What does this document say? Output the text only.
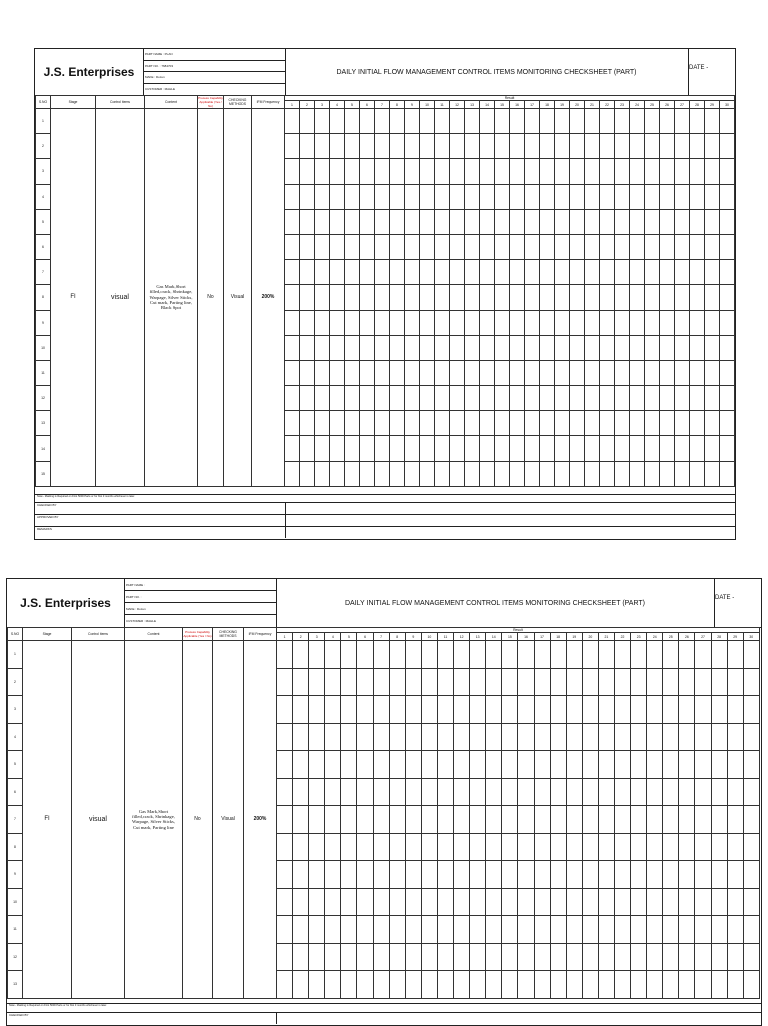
J.S. Enterprises
PART NAME : PLAN
PART NO. : 7684703
MAKE : Dozen
CUSTOMER : MAHLE
DAILY INITIAL FLOW MANAGEMENT CONTROL ITEMS MONITORING CHECKSHEET (PART)
DATE -
S.NO	Stage	Control items	Content	Process Capability Applicable (Yes / No)	CHECKING METHODS	IFM Frequency	Result																													
							1	2	3	4	5	6	7	8	9	10	11	12	13	14	15	16	17	18	19	20	21	22	23	24	25	26	27	28	29	30
1	FI	visual	Gas Mark,Short filled,crack, Shrinkage, Warpage, Silver Sticks, Cut mark, Parting line, Black Spot	No	Visual	200%																														
2																																				
3																																				
4																																				
5																																				
6																																				
7																																				
8																																				
9																																				
10																																				
11																																				
12																																				
13																																				
14																																				
15																																				
Note:- Marking is Required on First 5000 Parts or for first 3 months whichever is later.
CHECKED BY
APPROVED BY
REMARKS
J.S. Enterprises
PART NAME :
PART NO. :
MAKE : Dozen
CUSTOMER : MAHLE
DAILY INITIAL FLOW MANAGEMENT CONTROL ITEMS MONITORING CHECKSHEET (PART)
DATE -
S.NO	Stage	Control items	Content	Process Capability Applicable (Yes / No)	CHECKING METHODS	IFM Frequency	Result																													
							1	2	3	4	5	6	7	8	9	10	11	12	13	14	15	16	17	18	19	20	21	22	23	24	25	26	27	28	29	30
1	FI	visual	Gas Mark,Short filled,crack, Shrinkage, Warpage, Silver Sticks, Cut mark, Parting line	No	Visual	200%																														
2																																				
3																																				
4																																				
5																																				
6																																				
7																																				
8																																				
9																																				
10																																				
11																																				
12																																				
13																																				
Note:- Marking is Required on First 5000 Parts or for first 3 months whichever is later.
CHECKED BY
